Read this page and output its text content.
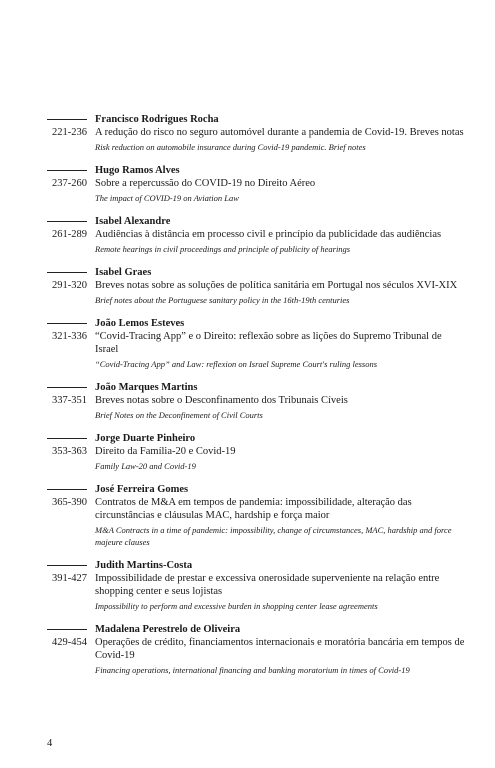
Francisco Rodrigues Rocha
221-236 A redução do risco no seguro automóvel durante a pandemia de Covid-19. Breves notas
Risk reduction on automobile insurance during Covid-19 pandemic. Brief notes
Hugo Ramos Alves
237-260 Sobre a repercussão do COVID-19 no Direito Aéreo
The impact of COVID-19 on Aviation Law
Isabel Alexandre
261-289 Audiências à distância em processo civil e princípio da publicidade das audiências
Remote hearings in civil proceedings and principle of publicity of hearings
Isabel Graes
291-320 Breves notas sobre as soluções de política sanitária em Portugal nos séculos XVI-XIX
Brief notes about the Portuguese sanitary policy in the 16th-19th centuries
João Lemos Esteves
321-336 “Covid-Tracing App” e o Direito: reflexão sobre as lições do Supremo Tribunal de Israel
“Covid-Tracing App” and Law: reflexion on Israel Supreme Court's ruling lessons
João Marques Martins
337-351 Breves notas sobre o Desconfinamento dos Tribunais Cíveis
Brief Notes on the Deconfinement of Civil Courts
Jorge Duarte Pinheiro
353-363 Direito da Família-20 e Covid-19
Family Law-20 and Covid-19
José Ferreira Gomes
365-390 Contratos de M&A em tempos de pandemia: impossibilidade, alteração das circunstâncias e cláusulas MAC, hardship e força maior
M&A Contracts in a time of pandemic: impossibility, change of circumstances, MAC, hardship and force majeure clauses
Judith Martins-Costa
391-427 Impossibilidade de prestar e excessiva onerosidade superveniente na relação entre shopping center e seus lojistas
Impossibility to perform and excessive burden in shopping center lease agreements
Madalena Perestrelo de Oliveira
429-454 Operações de crédito, financiamentos internacionais e moratória bancária em tempos de Covid-19
Financing operations, international financing and banking moratorium in times of Covid-19
4
